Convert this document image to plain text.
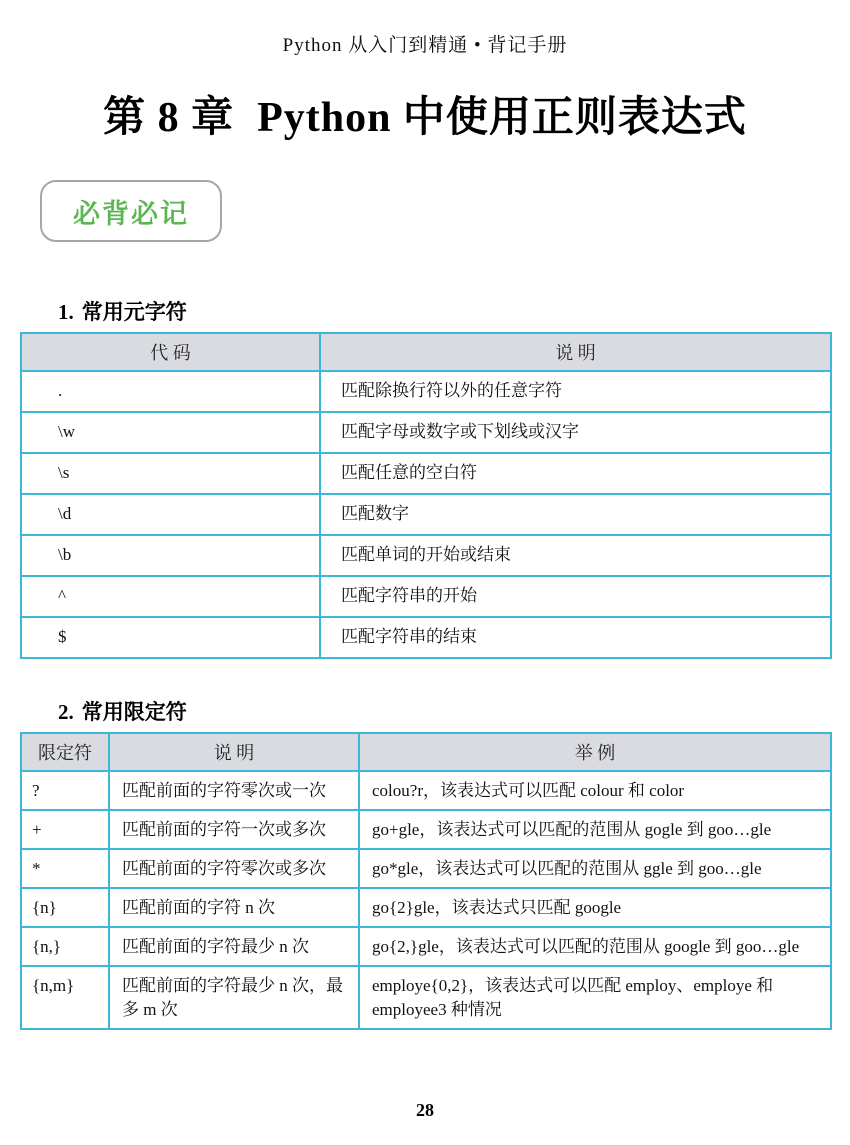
Python 从入门到精通 • 背记手册
第 8 章  Python 中使用正则表达式
必背必记
1. 常用元字符
代 码	说 明
.	匹配除换行符以外的任意字符
\w	匹配字母或数字或下划线或汉字
\s	匹配任意的空白符
\d	匹配数字
\b	匹配单词的开始或结束
^	匹配字符串的开始
$	匹配字符串的结束
2. 常用限定符
限定符	说 明	举 例
?	匹配前面的字符零次或一次	colou?r，该表达式可以匹配 colour 和 color
+	匹配前面的字符一次或多次	go+gle，该表达式可以匹配的范围从 gogle 到 goo…gle
*	匹配前面的字符零次或多次	go*gle，该表达式可以匹配的范围从 ggle 到 goo…gle
{n}	匹配前面的字符 n 次	go{2}gle，该表达式只匹配 google
{n,}	匹配前面的字符最少 n 次	go{2,}gle，该表达式可以匹配的范围从 google 到 goo…gle
{n,m}	匹配前面的字符最少 n 次，最多 m 次	employe{0,2}，该表达式可以匹配 employ、employe 和 employee3 种情况
28
